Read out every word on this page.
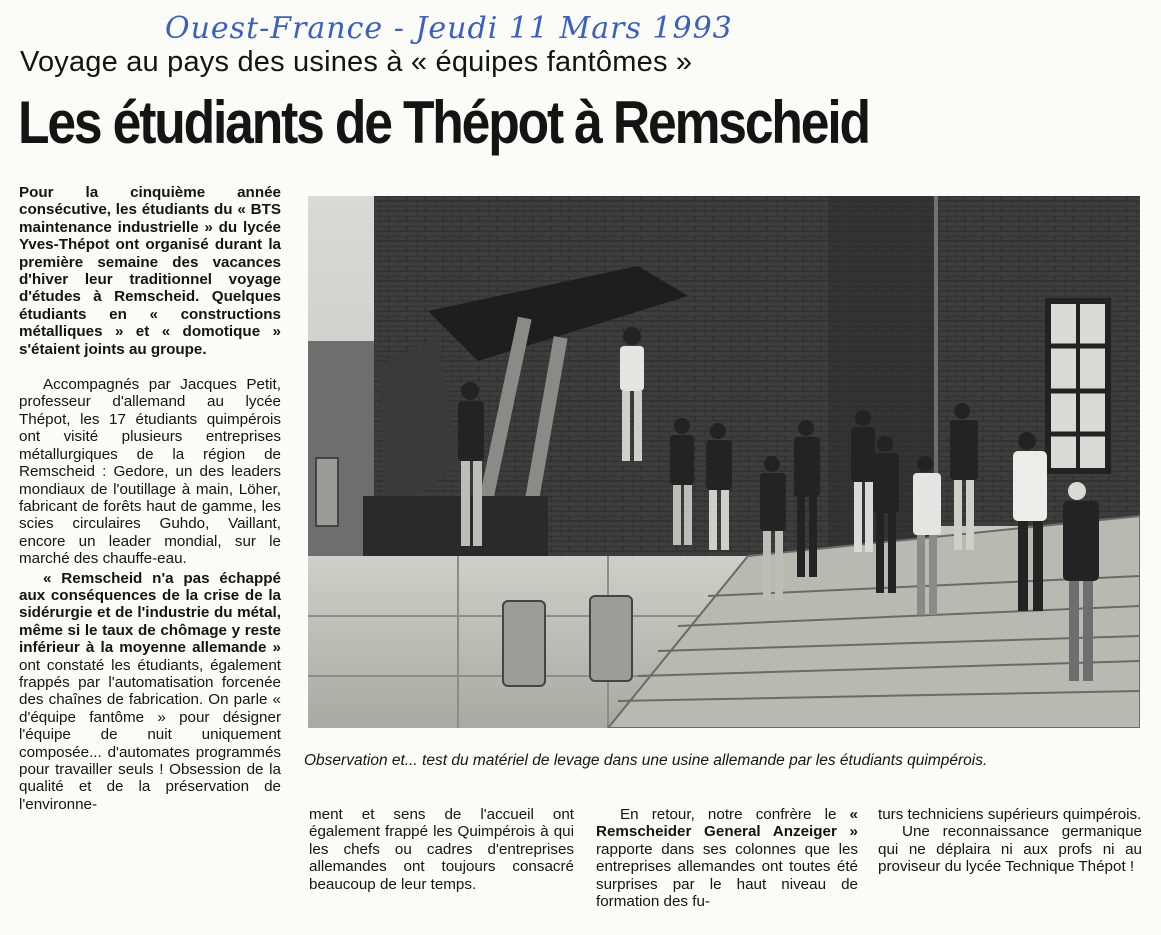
Ouest-France - Jeudi 11 Mars 1993
Voyage au pays des usines à « équipes fantômes »
Les étudiants de Thépot à Remscheid

Pour la cinquième année consécutive, les étudiants du « BTS maintenance industrielle » du lycée Yves-Thépot ont organisé durant la première semaine des vacances d'hiver leur traditionnel voyage d'études à Remscheid. Quelques étudiants en « constructions métalliques » et « domotique » s'étaient joints au groupe.

Accompagnés par Jacques Petit, professeur d'allemand au lycée Thépot, les 17 étudiants quimpérois ont visité plusieurs entreprises métallurgiques de la région de Remscheid : Gedore, un des leaders mondiaux de l'outillage à main, Löher, fabricant de forêts haut de gamme, les scies circulaires Guhdo, Vaillant, encore un leader mondial, sur le marché des chauffe-eau.

« Remscheid n'a pas échappé aux conséquences de la crise de la sidérurgie et de l'industrie du métal, même si le taux de chômage y reste inférieur à la moyenne allemande » ont constaté les étudiants, également frappés par l'automatisation forcenée des chaînes de fabrication. On parle « d'équipe fantôme » pour désigner l'équipe de nuit uniquement composée... d'automates programmés pour travailler seuls ! Obsession de la qualité et de la préservation de l'environne-

Observation et... test du matériel de levage dans une usine allemande par les étudiants quimpérois.

ment et sens de l'accueil ont également frappé les Quimpérois à qui les chefs ou cadres d'entreprises allemandes ont toujours consacré beaucoup de leur temps.

En retour, notre confrère le « Remscheider General Anzeiger » rapporte dans ses colonnes que les entreprises allemandes ont toutes été surprises par le haut niveau de formation des fu-

turs techniciens supérieurs quimpérois.

Une reconnaissance germanique qui ne déplaira ni aux profs ni au proviseur du lycée Technique Thépot !
